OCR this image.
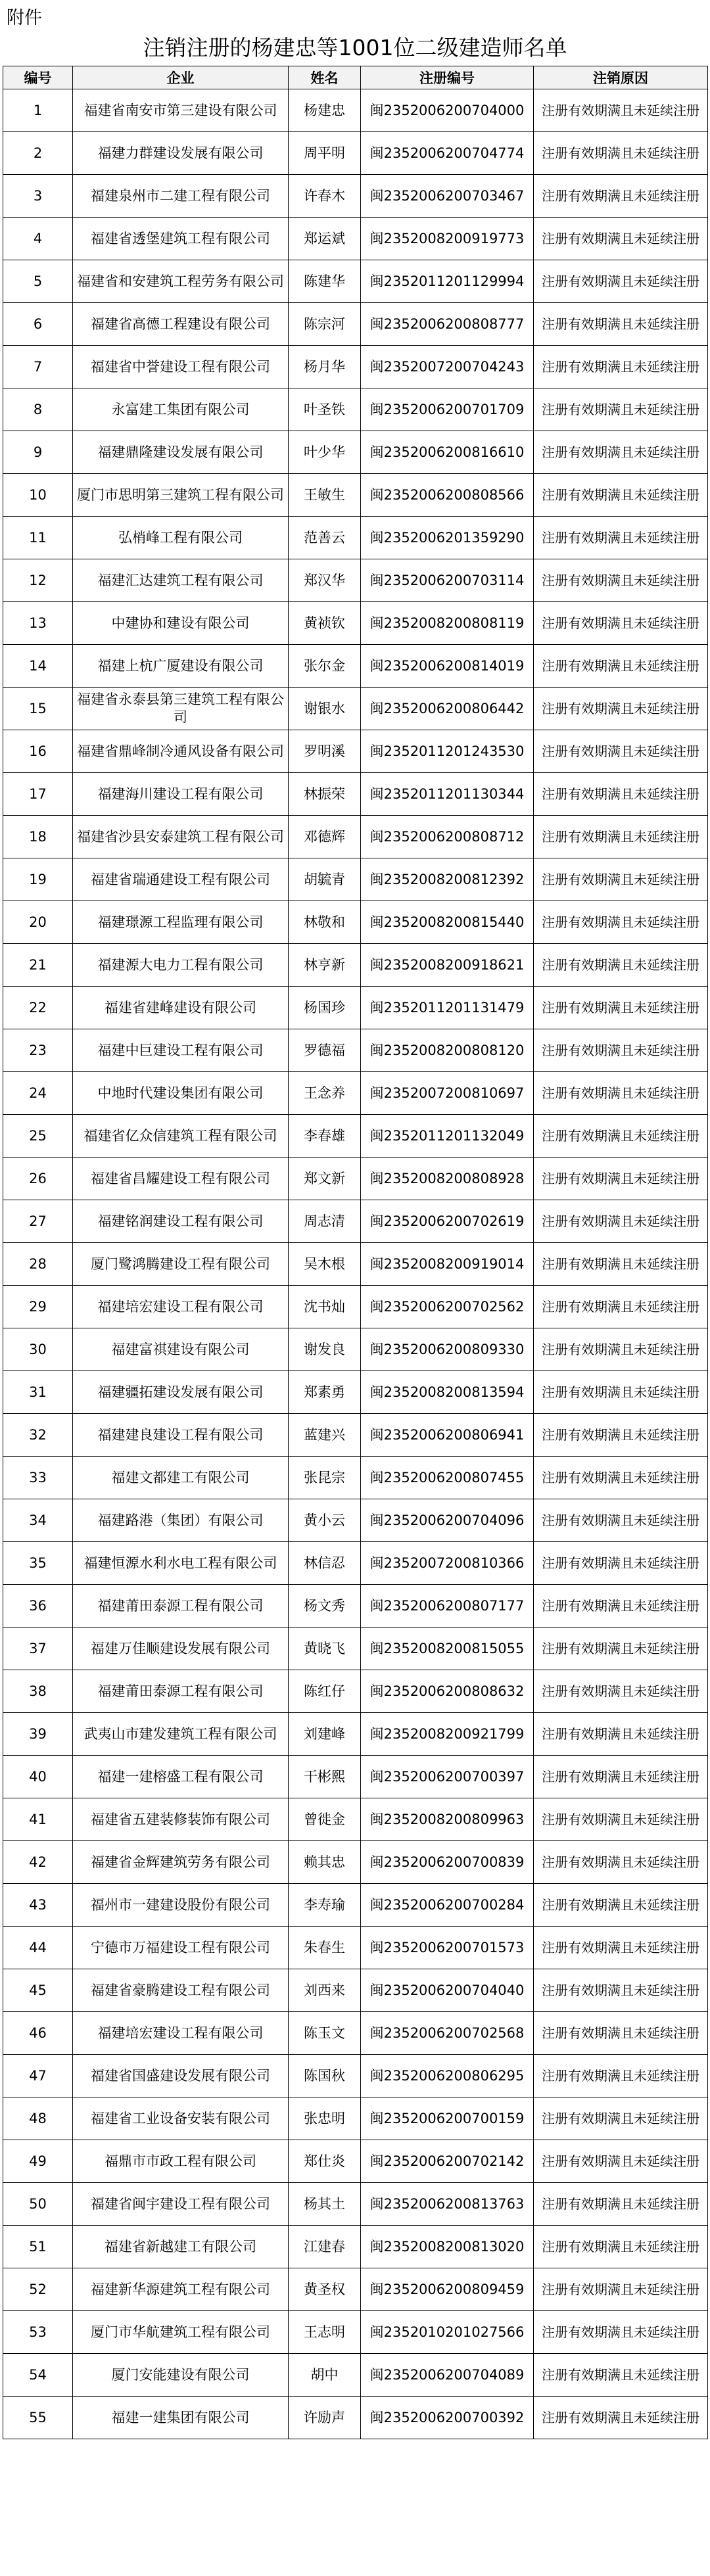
附件
注销注册的杨建忠等1001位二级建造师名单
编号	企业	姓名	注册编号	注销原因
1	福建省南安市第三建设有限公司	杨建忠	闽2352006200704000	注册有效期满且未延续注册
2	福建力群建设发展有限公司	周平明	闽2352006200704774	注册有效期满且未延续注册
3	福建泉州市二建工程有限公司	许春木	闽2352006200703467	注册有效期满且未延续注册
4	福建省透堡建筑工程有限公司	郑运斌	闽2352008200919773	注册有效期满且未延续注册
5	福建省和安建筑工程劳务有限公司	陈建华	闽2352011201129994	注册有效期满且未延续注册
6	福建省高德工程建设有限公司	陈宗河	闽2352006200808777	注册有效期满且未延续注册
7	福建省中誉建设工程有限公司	杨月华	闽2352007200704243	注册有效期满且未延续注册
8	永富建工集团有限公司	叶圣铁	闽2352006200701709	注册有效期满且未延续注册
9	福建鼎隆建设发展有限公司	叶少华	闽2352006200816610	注册有效期满且未延续注册
10	厦门市思明第三建筑工程有限公司	王敏生	闽2352006200808566	注册有效期满且未延续注册
11	弘梢峰工程有限公司	范善云	闽2352006201359290	注册有效期满且未延续注册
12	福建汇达建筑工程有限公司	郑汉华	闽2352006200703114	注册有效期满且未延续注册
13	中建协和建设有限公司	黄祯钦	闽2352008200808119	注册有效期满且未延续注册
14	福建上杭广厦建设有限公司	张尔金	闽2352006200814019	注册有效期满且未延续注册
15	福建省永泰县第三建筑工程有限公司	谢银水	闽2352006200806442	注册有效期满且未延续注册
16	福建省鼎峰制冷通风设备有限公司	罗明溪	闽2352011201243530	注册有效期满且未延续注册
17	福建海川建设工程有限公司	林振荣	闽2352011201130344	注册有效期满且未延续注册
18	福建省沙县安泰建筑工程有限公司	邓德辉	闽2352006200808712	注册有效期满且未延续注册
19	福建省瑞通建设工程有限公司	胡毓青	闽2352008200812392	注册有效期满且未延续注册
20	福建璟源工程监理有限公司	林敬和	闽2352008200815440	注册有效期满且未延续注册
21	福建源大电力工程有限公司	林亨新	闽2352008200918621	注册有效期满且未延续注册
22	福建省建峰建设有限公司	杨国珍	闽2352011201131479	注册有效期满且未延续注册
23	福建中巨建设工程有限公司	罗德福	闽2352008200808120	注册有效期满且未延续注册
24	中地时代建设集团有限公司	王念养	闽2352007200810697	注册有效期满且未延续注册
25	福建省亿众信建筑工程有限公司	李春雄	闽2352011201132049	注册有效期满且未延续注册
26	福建省昌耀建设工程有限公司	郑文新	闽2352008200808928	注册有效期满且未延续注册
27	福建铭润建设工程有限公司	周志清	闽2352006200702619	注册有效期满且未延续注册
28	厦门鹭鸿腾建设工程有限公司	吴木根	闽2352008200919014	注册有效期满且未延续注册
29	福建培宏建设工程有限公司	沈书灿	闽2352006200702562	注册有效期满且未延续注册
30	福建富祺建设有限公司	谢发良	闽2352006200809330	注册有效期满且未延续注册
31	福建疆拓建设发展有限公司	郑素勇	闽2352008200813594	注册有效期满且未延续注册
32	福建建良建设工程有限公司	蓝建兴	闽2352006200806941	注册有效期满且未延续注册
33	福建文都建工有限公司	张昆宗	闽2352006200807455	注册有效期满且未延续注册
34	福建路港（集团）有限公司	黄小云	闽2352006200704096	注册有效期满且未延续注册
35	福建恒源水利水电工程有限公司	林信忍	闽2352007200810366	注册有效期满且未延续注册
36	福建莆田泰源工程有限公司	杨文秀	闽2352006200807177	注册有效期满且未延续注册
37	福建万佳顺建设发展有限公司	黄晓飞	闽2352008200815055	注册有效期满且未延续注册
38	福建莆田泰源工程有限公司	陈红仔	闽2352006200808632	注册有效期满且未延续注册
39	武夷山市建发建筑工程有限公司	刘建峰	闽2352008200921799	注册有效期满且未延续注册
40	福建一建榕盛工程有限公司	干彬熙	闽2352006200700397	注册有效期满且未延续注册
41	福建省五建装修装饰有限公司	曾徙金	闽2352008200809963	注册有效期满且未延续注册
42	福建省金辉建筑劳务有限公司	赖其忠	闽2352006200700839	注册有效期满且未延续注册
43	福州市一建建设股份有限公司	李寿瑜	闽2352006200700284	注册有效期满且未延续注册
44	宁德市万福建设工程有限公司	朱春生	闽2352006200701573	注册有效期满且未延续注册
45	福建省豪腾建设工程有限公司	刘西来	闽2352006200704040	注册有效期满且未延续注册
46	福建培宏建设工程有限公司	陈玉文	闽2352006200702568	注册有效期满且未延续注册
47	福建省国盛建设发展有限公司	陈国秋	闽2352006200806295	注册有效期满且未延续注册
48	福建省工业设备安装有限公司	张忠明	闽2352006200700159	注册有效期满且未延续注册
49	福鼎市市政工程有限公司	郑仕炎	闽2352006200702142	注册有效期满且未延续注册
50	福建省闽宇建设工程有限公司	杨其土	闽2352006200813763	注册有效期满且未延续注册
51	福建省新越建工有限公司	江建春	闽2352008200813020	注册有效期满且未延续注册
52	福建新华源建筑工程有限公司	黄圣权	闽2352006200809459	注册有效期满且未延续注册
53	厦门市华航建筑工程有限公司	王志明	闽2352010201027566	注册有效期满且未延续注册
54	厦门安能建设有限公司	胡中	闽2352006200704089	注册有效期满且未延续注册
55	福建一建集团有限公司	许励声	闽2352006200700392	注册有效期满且未延续注册
